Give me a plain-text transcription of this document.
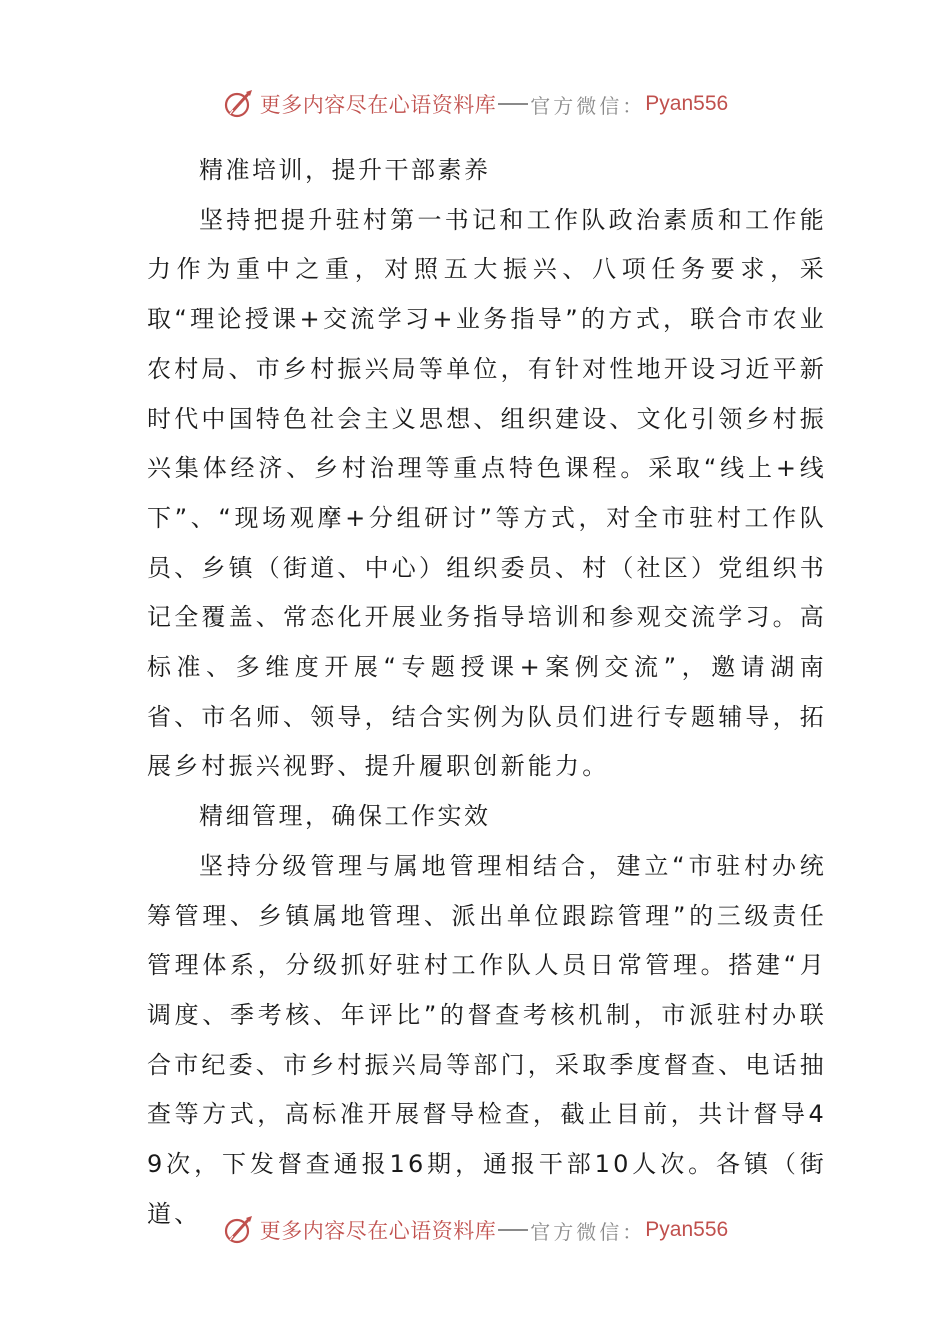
更多内容尽在心语资料库 官方微信： Pyan556

精准培训，提升干部素养

坚持把提升驻村第一书记和工作队政治素质和工作能力作为重中之重，对照五大振兴、八项任务要求，采取“理论授课+交流学习+业务指导”的方式，联合市农业农村局、市乡村振兴局等单位，有针对性地开设习近平新时代中国特色社会主义思想、组织建设、文化引领乡村振兴集体经济、乡村治理等重点特色课程。采取“线上+线下”、“现场观摩+分组研讨”等方式，对全市驻村工作队员、乡镇（街道、中心）组织委员、村（社区）党组织书记全覆盖、常态化开展业务指导培训和参观交流学习。高标准、多维度开展“专题授课+案例交流”，邀请湖南省、市名师、领导，结合实例为队员们进行专题辅导，拓展乡村振兴视野、提升履职创新能力。

精细管理，确保工作实效

坚持分级管理与属地管理相结合，建立“市驻村办统筹管理、乡镇属地管理、派出单位跟踪管理”的三级责任管理体系，分级抓好驻村工作队人员日常管理。搭建“月调度、季考核、年评比”的督查考核机制，市派驻村办联合市纪委、市乡村振兴局等部门，采取季度督查、电话抽查等方式，高标准开展督导检查，截止目前，共计督导49次，下发督查通报16期，通报干部10人次。各镇（街道、

更多内容尽在心语资料库 官方微信： Pyan556
